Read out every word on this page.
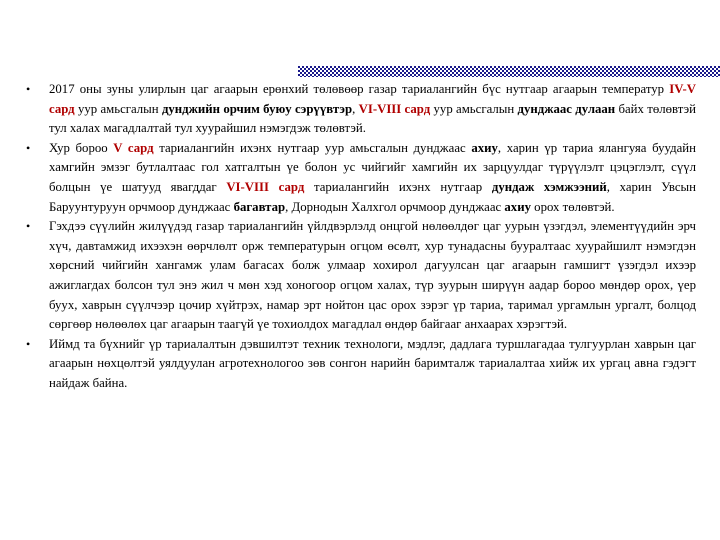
• 2017 оны зуны улирлын цаг агаарын ерөнхий төлөвөөр газар тариалангийн бүс нутгаар агаарын температур IV-V сард уур амьсгалын дунджийн орчим буюу сэрүүвтэр, VI-VIII сард уур амьсгалын дунджаас дулаан байх төлөвтэй тул халах магадлалтай тул хуурайшил нэмэгдэж төлөвтэй.
• Хур бороо V сард тариалангийн ихэнх нутгаар уур амьсгалын дунджаас ахиу, харин үр тариа ялангуяа буудайн хамгийн эмзэг бутлалтаас гол хатгалтын үе болон ус чийгийг хамгийн их зарцуулдаг түрүүлэлт цэцэглэлт, сүүл болцын үе шатууд явагддаг VI-VIII сард тариалангийн ихэнх нутгаар дундаж хэмжээний, харин Увсын Баруунтуруун орчмоор дунджаас багавтар, Дорнодын Халхгол орчмоор дунджаас ахиу орох төлөвтэй.
• Гэхдээ сүүлийн жилүүдэд газар тариалангийн үйлдвэрлэлд онцгой нөлөөлдөг цаг уурын үзэгдэл, элементүүдийн эрч хүч, давтамжид ихээхэн өөрчлөлт орж температурын огцом өсөлт, хур тунадасны бууралтаас хуурайшилт нэмэгдэн хөрсний чийгийн хангамж улам багасах болж улмаар хохирол дагуулсан цаг агаарын гамшигт үзэгдэл ихээр ажиглагдах болсон тул энэ жил ч мөн хэд хоногоор огцом халах, түр зуурын ширүүн аадар бороо мөндөр орох, үер буух, хаврын сүүлчээр цочир хүйтрэх, намар эрт нойтон цас орох зэрэг үр тариа, таримал ургамлын ургалт, болцод сөргөөр нөлөөлөх цаг агаарын таагүй үе тохиолдох магадлал өндөр байгааг анхаарах хэрэгтэй.
• Иймд та бүхнийг үр тариалалтын дэвшилтэт техник технологи, мэдлэг, дадлага туршлагадаа тулгуурлан хаврын цаг агаарын нөхцөлтэй уялдуулан агротехнологоо зөв сонгон нарийн баримталж тариалалтаа хийж их ургац авна гэдэгт найдаж байна.
